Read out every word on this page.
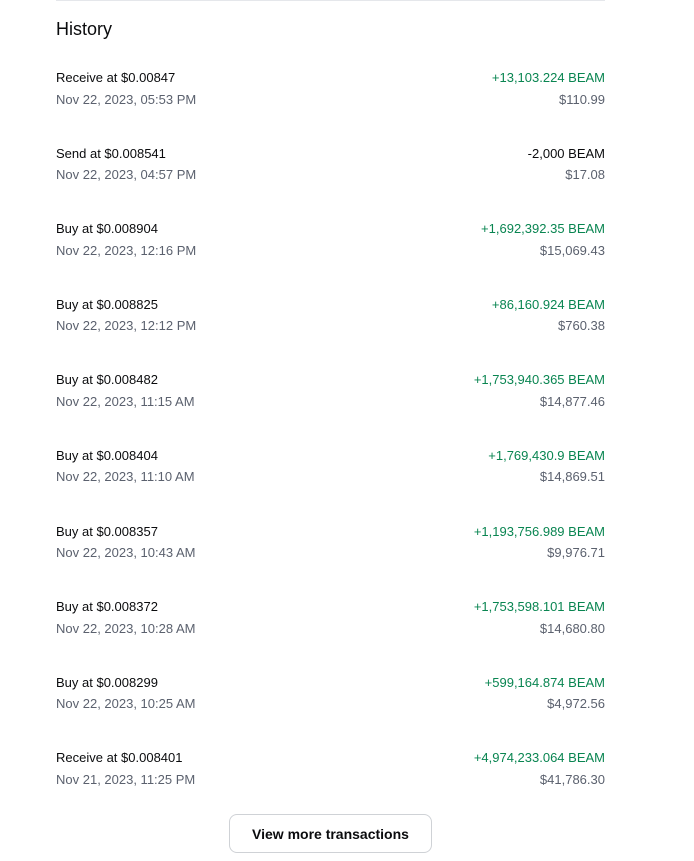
History
Receive at $0.00847
Nov 22, 2023, 05:53 PM
+13,103.224 BEAM
$110.99
Send at $0.008541
Nov 22, 2023, 04:57 PM
-2,000 BEAM
$17.08
Buy at $0.008904
Nov 22, 2023, 12:16 PM
+1,692,392.35 BEAM
$15,069.43
Buy at $0.008825
Nov 22, 2023, 12:12 PM
+86,160.924 BEAM
$760.38
Buy at $0.008482
Nov 22, 2023, 11:15 AM
+1,753,940.365 BEAM
$14,877.46
Buy at $0.008404
Nov 22, 2023, 11:10 AM
+1,769,430.9 BEAM
$14,869.51
Buy at $0.008357
Nov 22, 2023, 10:43 AM
+1,193,756.989 BEAM
$9,976.71
Buy at $0.008372
Nov 22, 2023, 10:28 AM
+1,753,598.101 BEAM
$14,680.80
Buy at $0.008299
Nov 22, 2023, 10:25 AM
+599,164.874 BEAM
$4,972.56
Receive at $0.008401
Nov 21, 2023, 11:25 PM
+4,974,233.064 BEAM
$41,786.30
View more transactions
